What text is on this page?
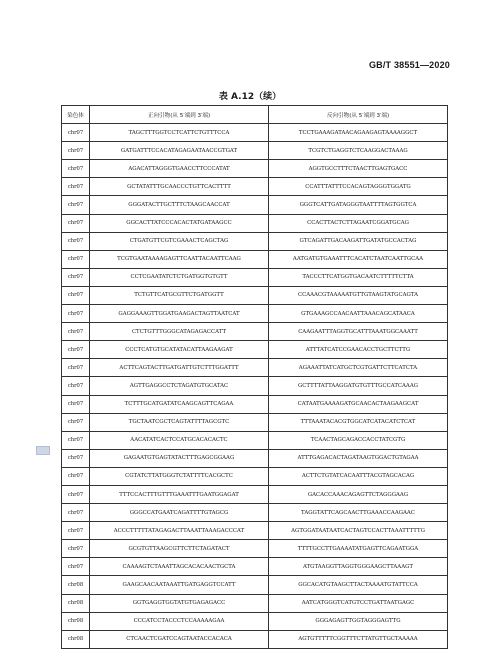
GB/T 38551—2020
表 A.12（续）
染色体	正向引物(从 5′端到 3′端)	反向引物(从 5′端到 3′端)
chr07	TAGCTTTGGTCCTCATTCTGTTTCCA	TCCTGAAAGATAACAGAAGAGTAAAAGGCT
chr07	GATGATTTCCACATAGAGAATAACCGTGAT	TCGTCTGAGGTCTCAAGGACTAAAG
chr07	AGACATTAGGGTGAACCTTCCCATAT	AGGTGCCTTTCTAACTTGAGTGACC
chr07	GCTATATTTGCAACCCTGTTCACTTTT	CCATTTATTTCCACAGTAGGGTGGATG
chr07	GGGATACTTGCTTTCTAAGCAACCAT	GGGTCATTGATAGGGTAATTTTAGTGGTCA
chr07	GGCACTTATCCCACACTATGATAAGCC	CCACTTACTCTTAGAATCGGATGCAG
chr07	CTGATGTTCGTCGAAACTCAGCTAG	GTCAGATTGACAAGATTGATATGCCACTAG
chr07	TCGTGAATAAAAGAGTTCAATTACAATTCAAG	AATGATGTGAAATTTCACATCTAATCAATTGCAA
chr07	CCTCGAATATCTCTGATGGTGTGTT	TACCCTTCATGGTGACAATCTTTTTCTTA
chr07	TCTGTTCATGCGTTCTGATGGTT	CCAAACGTAAAAATGTTGTAAGTATGCAGTA
chr07	GAGGAAAGTTGGATGAAGACTAGTTAATCAT	GTGAAAGCCAACAATTAAACAGCATAACA
chr07	CTCTGTTTGGGCATAGAGACCATT	CAAGAATTTAGGTGCATTTAAATGGCAAATT
chr07	CCCTCATGTGCATATACATTAAGAAGAT	ATTTATCATCCGAACACCTGCTTCTTG
chr07	ACTTCAGTACTTGATGATTGTCTTTGGATTT	AGAAATTATCATGCTCGTGATTCTTCATCTA
chr07	AGTTGAGGCCTCTAGATGTGCATAC	GCTTTTATTAAGGATGTGTTTGCCATCAAAG
chr07	TCTTTGCATGATATCAAGCAGTTCAGAA	CATAATGAAAAGATGCAACACTAAGAAGCAT
chr07	TGCTAATCGCTCAGTATTTTAGCGTC	TTTAAATACACGTGGCATCATACATCTCAT
chr07	AACATATCACTCCATGCACACACTC	TCAACTAGCAGACCACCTATCGTG
chr07	GAGAATGTGAGTATACTTTGAGCGGAAG	ATTTGAGACACTAGATAAGTGGACTGTAGAA
chr07	CGTATCTTATGGGTCTATTTTCACGCTC	ACTTCTGTATCACAATTTACGTAGCACAG
chr07	TTTCCACTTTGTTTGAAATTTGAATGGAGAT	GACACCAAACAGAGTTCTAGGGAAG
chr07	GGGCCATGAATCAGATTTTGTAGCG	TAGGTATTCAGCAACTTGAAACCAAGAAC
chr07	ACCCTTTTTATAGAGACTTAAATTAAAGACCCAT	AGTGGATAATAATCACTAGTCCACTTAAATTTTTG
chr07	GCGTGTTAAGCGTTCTTCTAGATACT	TTTTGCCTTGAAAATATGAGTTCAGAATGGA
chr07	CAAAAGTCTAAATTAGCACACAACTGCTA	ATGTAAGGTTAGGTGGGAAGCTTAAAGT
chr08	GAAGCAACAATAAATTGATGAGGTCCATT	GGCACATGTAAGCTTACTAAAATGTATTCCA
chr08	GGTGAGGTGGTATGTGAGAGACC	AATCATGGGTCATGTCCTGATTAATGAGC
chr08	CCCATCCTACCCTCCAAAAAGAA	GGGAGAGTTGGTAGGGAGTTG
chr08	CTCAACTCGATCCAGTAATACCACACA	AGTGTTTTTCGGTTTCTTATGTTGCTAAAAA
